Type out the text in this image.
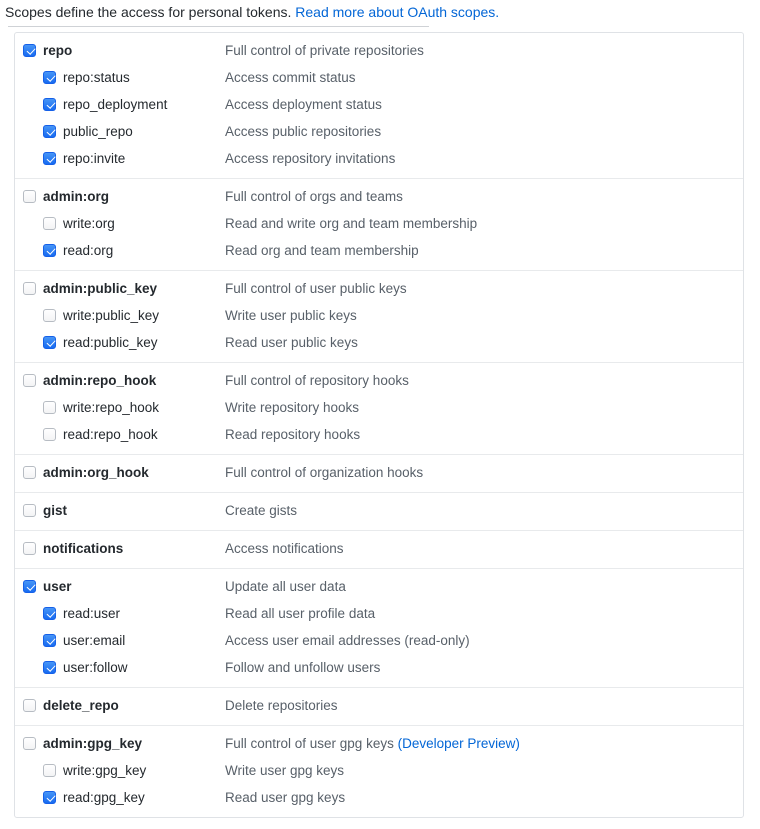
Scopes define the access for personal tokens. Read more about OAuth scopes.

repo	Full control of private repositories
repo:status	Access commit status
repo_deployment	Access deployment status
public_repo	Access public repositories
repo:invite	Access repository invitations
admin:org	Full control of orgs and teams
write:org	Read and write org and team membership
read:org	Read org and team membership
admin:public_key	Full control of user public keys
write:public_key	Write user public keys
read:public_key	Read user public keys
admin:repo_hook	Full control of repository hooks
write:repo_hook	Write repository hooks
read:repo_hook	Read repository hooks
admin:org_hook	Full control of organization hooks
gist	Create gists
notifications	Access notifications
user	Update all user data
read:user	Read all user profile data
user:email	Access user email addresses (read-only)
user:follow	Follow and unfollow users
delete_repo	Delete repositories
admin:gpg_key	Full control of user gpg keys (Developer Preview)
write:gpg_key	Write user gpg keys
read:gpg_key	Read user gpg keys
